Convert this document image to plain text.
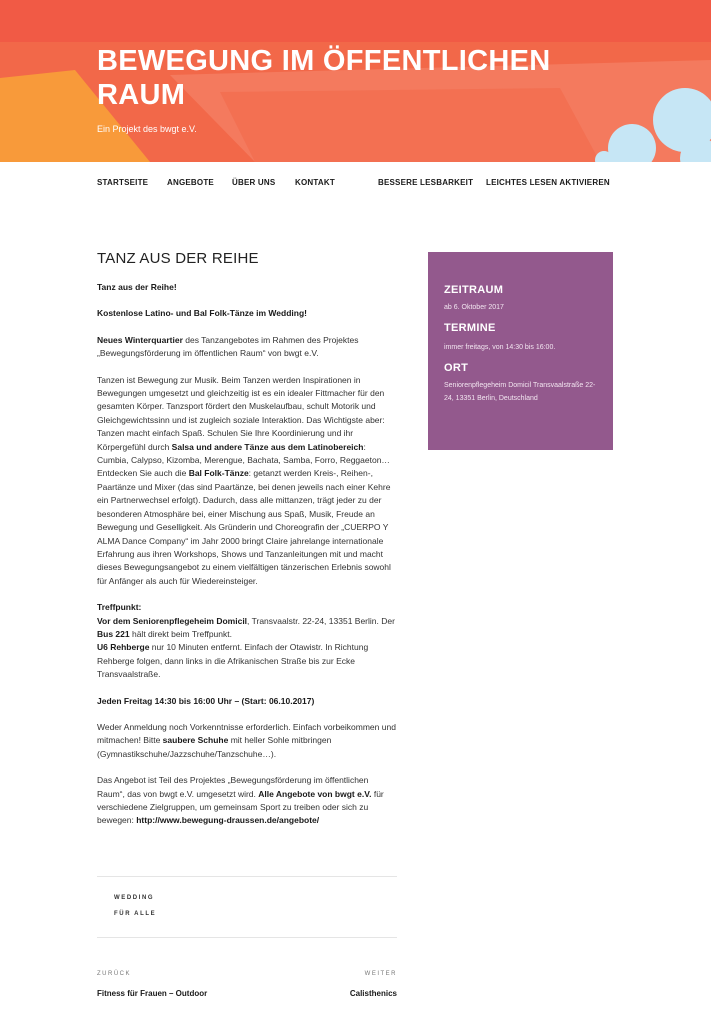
BEWEGUNG IM ÖFFENTLICHEN RAUM
Ein Projekt des bwgt e.V.
STARTSEITE ANGEBOTE ÜBER UNS KONTAKT	BESSERE LESBARKEIT LEICHTES LESEN AKTIVIEREN
TANZ AUS DER REIHE

Tanz aus der Reihe!

Kostenlose Latino- und Bal Folk-Tänze im Wedding!

Neues Winterquartier des Tanzangebotes im Rahmen des Projektes „Bewegungsförderung im öffentlichen Raum“ von bwgt e.V.

Tanzen ist Bewegung zur Musik. Beim Tanzen werden Inspirationen in Bewegungen umgesetzt und gleichzeitig ist es ein idealer Fittmacher für den gesamten Körper. Tanzsport fördert den Muskelaufbau, schult Motorik und Gleichgewichtssinn und ist zugleich soziale Interaktion. Das Wichtigste aber: Tanzen macht einfach Spaß. Schulen Sie Ihre Koordinierung und ihr Körpergefühl durch Salsa und andere Tänze aus dem Latinobereich: Cumbia, Calypso, Kizomba, Merengue, Bachata, Samba, Forro, Reggaeton… Entdecken Sie auch die Bal Folk-Tänze: getanzt werden Kreis-, Reihen-, Paartänze und Mixer (das sind Paartänze, bei denen jeweils nach einer Kehre ein Partnerwechsel erfolgt). Dadurch, dass alle mittanzen, trägt jeder zu der besonderen Atmosphäre bei, einer Mischung aus Spaß, Musik, Freude an Bewegung und Geselligkeit. Als Gründerin und Choreografin der „CUERPO Y ALMA Dance Company“ im Jahr 2000 bringt Claire jahrelange internationale Erfahrung aus ihren Workshops, Shows und Tanzanleitungen mit und macht dieses Bewegungsangebot zu einem vielfältigen tänzerischen Erlebnis sowohl für Anfänger als auch für Wiedereinsteiger.

Treffpunkt:
Vor dem Seniorenpflegeheim Domicil, Transvaalstr. 22-24, 13351 Berlin. Der Bus 221 hält direkt beim Treffpunkt.
U6 Rehberge nur 10 Minuten entfernt. Einfach der Otawistr. In Richtung Rehberge folgen, dann links in die Afrikanischen Straße bis zur Ecke Transvaalstraße.

Jeden Freitag 14:30 bis 16:00 Uhr – (Start: 06.10.2017)

Weder Anmeldung noch Vorkenntnisse erforderlich. Einfach vorbeikommen und mitmachen! Bitte saubere Schuhe mit heller Sohle mitbringen (Gymnastikschuhe/Jazzschuhe/Tanzschuhe…).

Das Angebot ist Teil des Projektes „Bewegungsförderung im öffentlichen Raum“, das von bwgt e.V. umgesetzt wird. Alle Angebote von bwgt e.V. für verschiedene Zielgruppen, um gemeinsam Sport zu treiben oder sich zu bewegen: http://www.bewegung-draussen.de/angebote/

WEDDING
FÜR ALLE
ZURÜCK
Fitness für Frauen – Outdoor
WEITER
Calisthenics
ZEITRAUM
ab 6. Oktober 2017
TERMINE
immer freitags, von 14:30 bis 16:00.
ORT
Seniorenpflegeheim Domicil Transvaalstraße 22-24, 13351 Berlin, Deutschland
